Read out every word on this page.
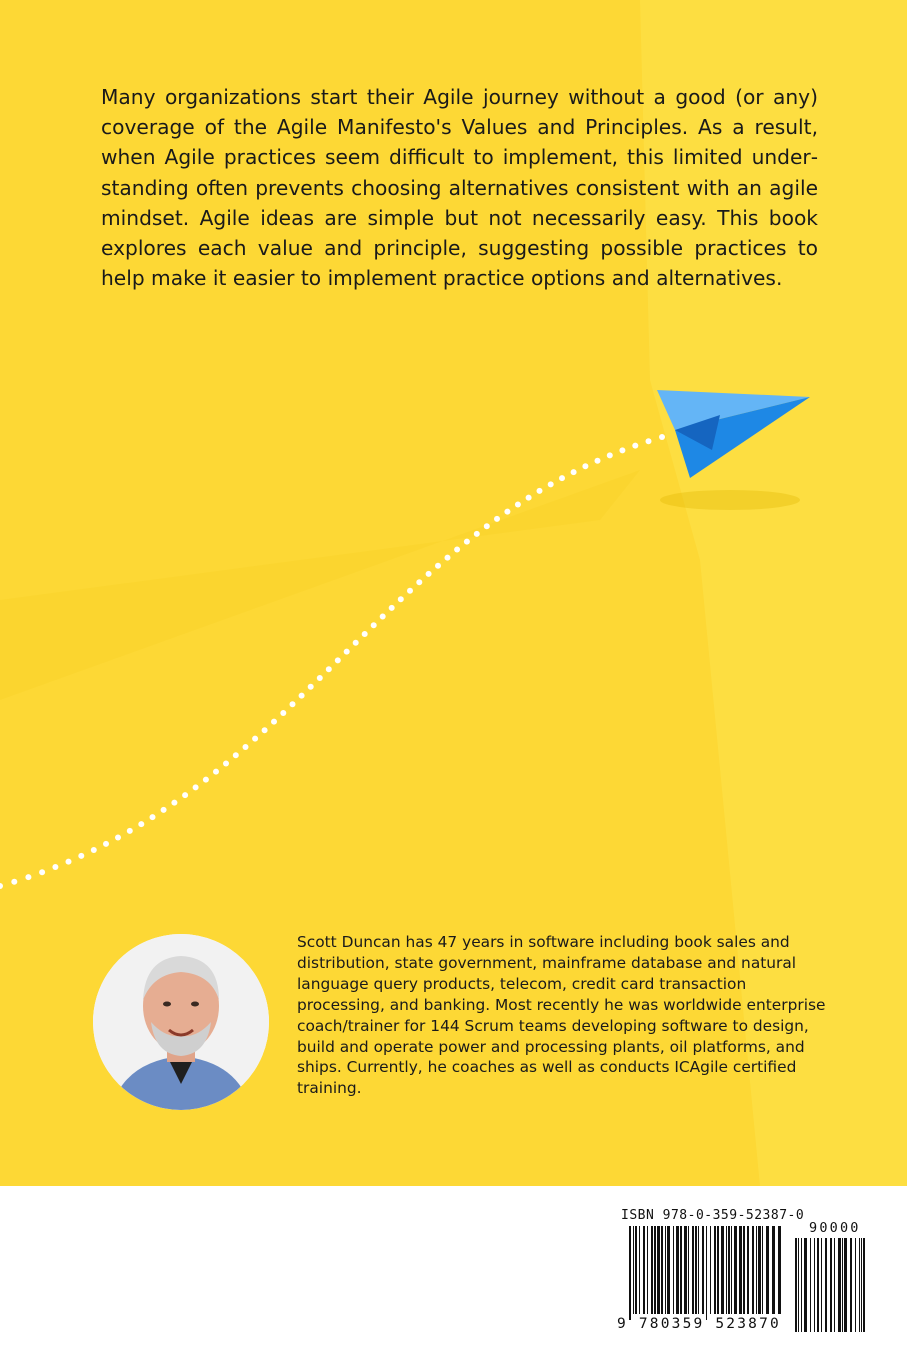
Many organizations start their Agile journey without a good (or any) coverage of the Agile Manifesto's Values and Principles. As a result, when Agile practices seem difficult to implement, this limited understanding often prevents choosing alternatives consistent with an agile mindset. Agile ideas are simple but not necessarily easy. This book explores each value and principle, suggesting possible practices to help make it easier to implement practice options and alternatives.

Scott Duncan has 47 years in software including book sales and distribution, state government, mainframe database and natural language query products, telecom, credit card transaction processing, and banking. Most recently he was worldwide enterprise coach/trainer for 144 Scrum teams developing software to design, build and operate power and processing plants, oil platforms, and ships. Currently, he coaches as well as conducts ICAgile certified training.

ISBN 978-0-359-52387-0
9 780359 523870
90000
